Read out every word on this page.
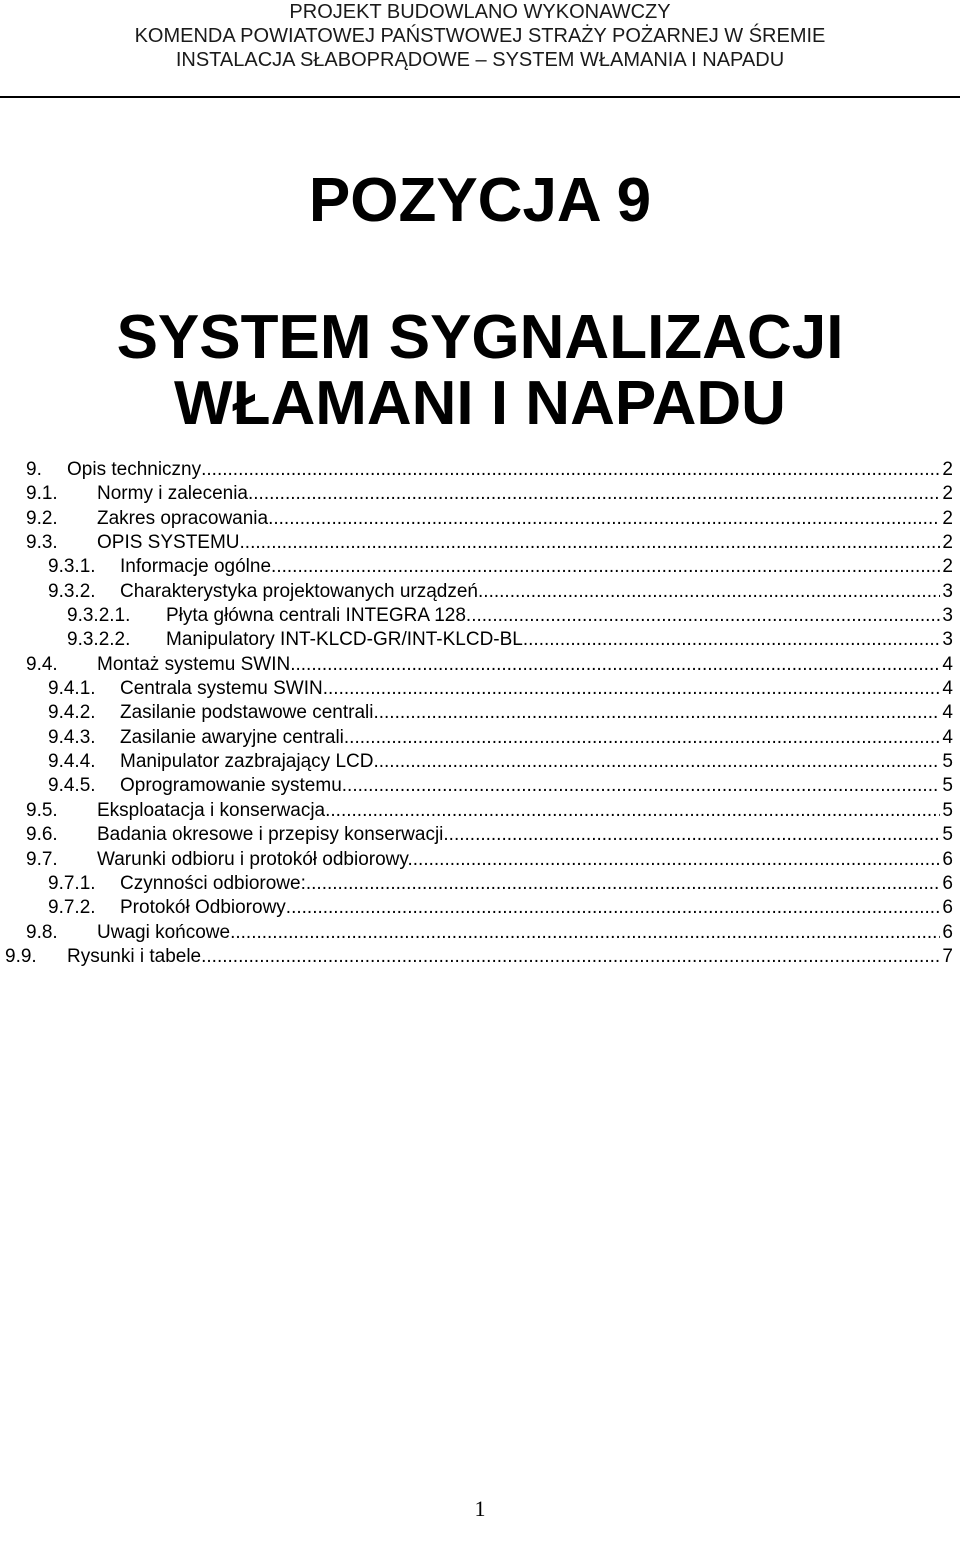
PROJEKT BUDOWLANO WYKONAWCZY
KOMENDA POWIATOWEJ PAŃSTWOWEJ STRAŻY POŻARNEJ W ŚREMIE
INSTALACJA SŁABOPRĄDOWE – SYSTEM WŁAMANIA I NAPADU
POZYCJA 9
SYSTEM SYGNALIZACJI
WŁAMANI I NAPADU
9. Opis techniczny .....	2
9.1. Normy i zalecenia .....	2
9.2. Zakres opracowania .....	2
9.3. OPIS SYSTEMU .....	2
9.3.1. Informacje ogólne .....	2
9.3.2. Charakterystyka projektowanych urządzeń .....	3
9.3.2.1. Płyta główna centrali INTEGRA 128 .....	3
9.3.2.2. Manipulatory INT-KLCD-GR/INT-KLCD-BL .....	3
9.4. Montaż systemu SWIN .....	4
9.4.1. Centrala systemu SWIN .....	4
9.4.2. Zasilanie podstawowe centrali .....	4
9.4.3. Zasilanie awaryjne centrali .....	4
9.4.4. Manipulator zazbrajający LCD .....	5
9.4.5. Oprogramowanie systemu .....	5
9.5. Eksploatacja i konserwacja .....	5
9.6. Badania okresowe i przepisy konserwacji. .....	5
9.7. Warunki odbioru i protokół odbiorowy. .....	6
9.7.1. Czynności odbiorowe: .....	6
9.7.2. Protokół Odbiorowy .....	6
9.8. Uwagi końcowe .....	6
9.9. Rysunki i tabele .....	7
1
